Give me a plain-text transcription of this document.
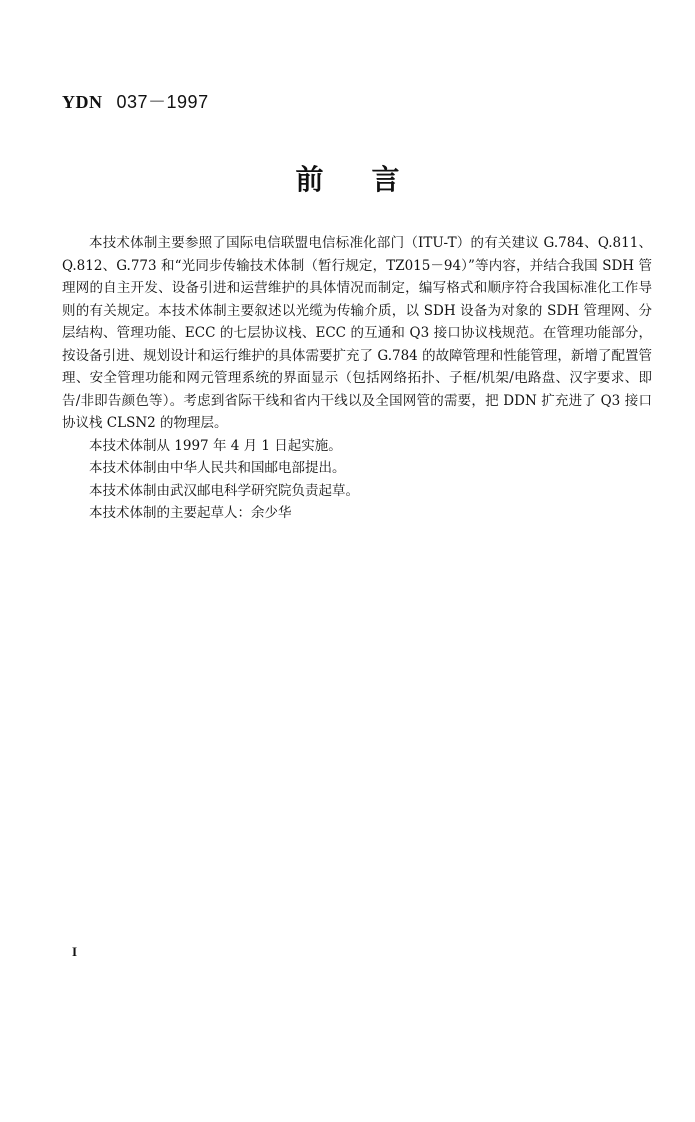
YDN 037－1997
前言

本技术体制主要参照了国际电信联盟电信标准化部门（ITU-T）的有关建议 G.784、Q.811、Q.812、G.773 和“光同步传输技术体制（暂行规定，TZ015－94）”等内容，并结合我国 SDH 管理网的自主开发、设备引进和运营维护的具体情况而制定，编写格式和顺序符合我国标准化工作导则的有关规定。本技术体制主要叙述以光缆为传输介质，以 SDH 设备为对象的 SDH 管理网、分层结构、管理功能、ECC 的七层协议栈、ECC 的互通和 Q3 接口协议栈规范。在管理功能部分，按设备引进、规划设计和运行维护的具体需要扩充了 G.784 的故障管理和性能管理，新增了配置管理、安全管理功能和网元管理系统的界面显示（包括网络拓扑、子框/机架/电路盘、汉字要求、即告/非即告颜色等）。考虑到省际干线和省内干线以及全国网管的需要，把 DDN 扩充进了 Q3 接口协议栈 CLSN2 的物理层。

本技术体制从 1997 年 4 月 1 日起实施。

本技术体制由中华人民共和国邮电部提出。

本技术体制由武汉邮电科学研究院负责起草。

本技术体制的主要起草人：余少华

I
